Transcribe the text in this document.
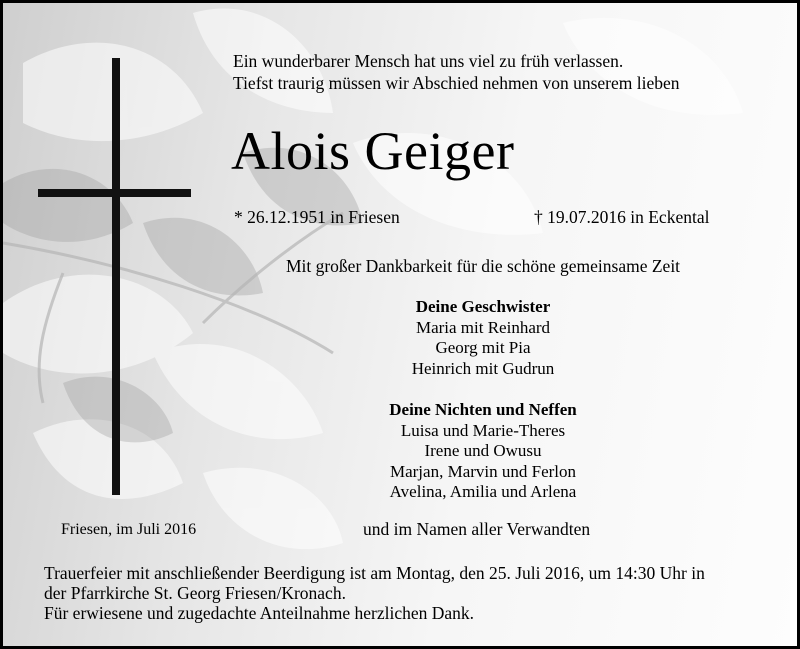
Ein wunderbarer Mensch hat uns viel zu früh verlassen.
Tiefst traurig müssen wir Abschied nehmen von unserem lieben
Alois Geiger
* 26.12.1951 in Friesen	† 19.07.2016 in Eckental
Mit großer Dankbarkeit für die schöne gemeinsame Zeit
Deine Geschwister
Maria mit Reinhard
Georg mit Pia
Heinrich mit Gudrun
Deine Nichten und Neffen
Luisa und Marie-Theres
Irene und Owusu
Marjan, Marvin und Ferlon
Avelina, Amilia und Arlena
Friesen, im Juli 2016	und im Namen aller Verwandten
Trauerfeier mit anschließender Beerdigung ist am Montag, den 25. Juli 2016, um 14:30 Uhr in
der Pfarrkirche St. Georg Friesen/Kronach.
Für erwiesene und zugedachte Anteilnahme herzlichen Dank.
